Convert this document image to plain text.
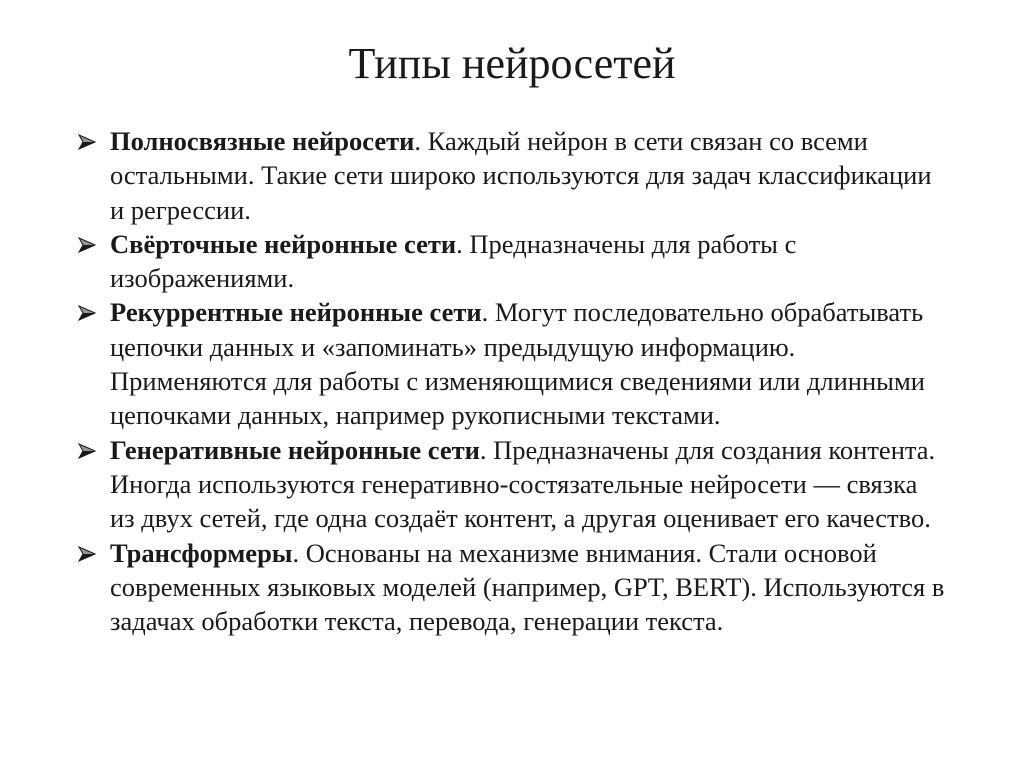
Типы нейросетей
Полносвязные нейросети. Каждый нейрон в сети связан со всеми остальными. Такие сети широко используются для задач классификации и регрессии.
Свёрточные нейронные сети. Предназначены для работы с изображениями.
Рекуррентные нейронные сети. Могут последовательно обрабатывать цепочки данных и «запоминать» предыдущую информацию. Применяются для работы с изменяющимися сведениями или длинными цепочками данных, например рукописными текстами.
Генеративные нейронные сети. Предназначены для создания контента. Иногда используются генеративно-состязательные нейросети — связка из двух сетей, где одна создаёт контент, а другая оценивает его качество.
Трансформеры. Основаны на механизме внимания. Стали основой современных языковых моделей (например, GPT, BERT). Используются в задачах обработки текста, перевода, генерации текста.
